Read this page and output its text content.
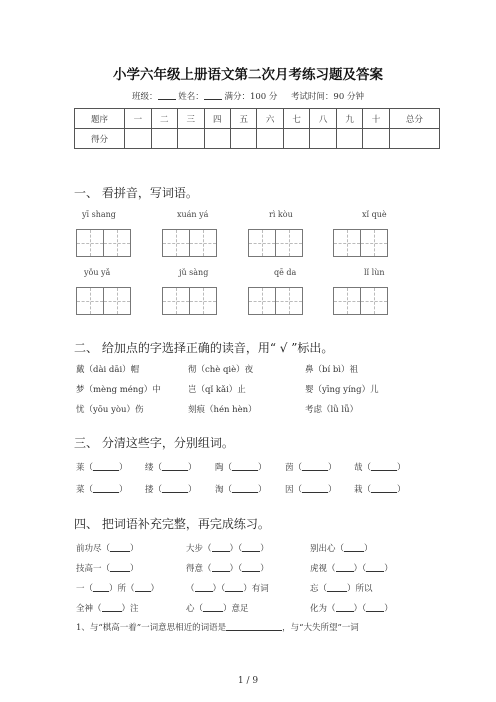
小学六年级上册语文第二次月考练习题及答案
班级： 姓名： 满分：100 分 考试时间：90 分钟
题序	一	二	三	四	五	六	七	八	九	十	总分
得分											
一、 看拼音，写词语。
yī shang	xuán yá	rì kòu	xǐ què
yǒu yǎ	jǔ sàng	qē da	lǐ lùn
二、 给加点的字选择正确的读音，用“ √ ”标出。
戴（dài dāi）帽	彻（chè qiè）夜	鼻（bí bì）祖
梦（mèng méng）中	岂（qǐ kǎi）止	婴（yīng yíng）儿
忧（yōu yòu）伤	刻痕（hén hèn）	考虑（lǜ lǚ）
三、 分清这些字，分别组词。
莱（	） 缕（	） 陶（	） 茵（	） 哉（	）
菜（	） 搂（	） 淘（	） 因（	） 栽（	）
四、 把词语补充完整，再完成练习。
前功尽（ ）	大步（ ）（ ）	别出心（ ）
技高一（ ）	得意（ ）（ ）	虎视（ ）（ ）
一（ ）所（ ）	（ ）（ ）有词	忘（ ）所以
全神（ ）注	心（ ）意足	化为（ ）（ ）
1、与“棋高一着”一词意思相近的词语是	，与“大失所望”一词
1 / 9
